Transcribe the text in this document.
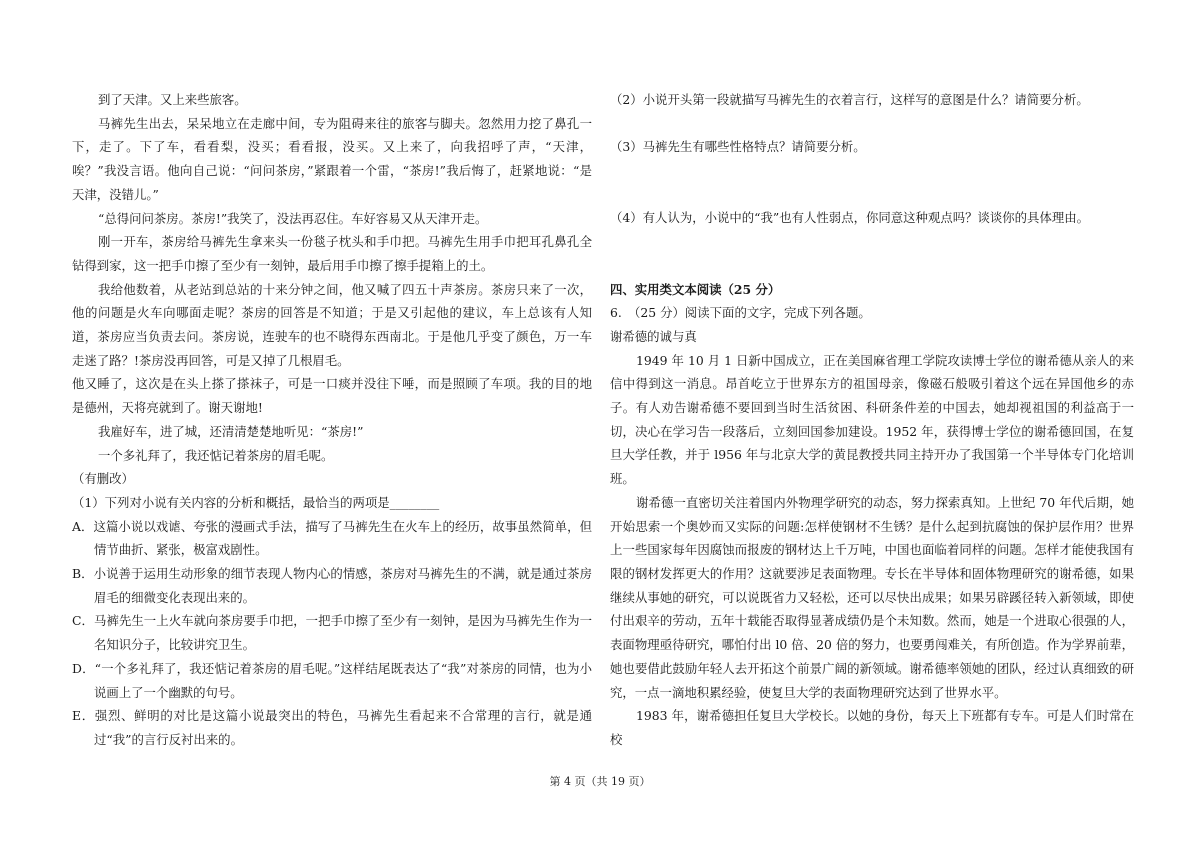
到了天津。又上来些旅客。

马裤先生出去，呆呆地立在走廊中间，专为阻碍来往的旅客与脚夫。忽然用力挖了鼻孔一下，走了。下了车，看看梨，没买；看看报，没买。又上来了，向我招呼了声，“天津，唉？”我没言语。他向自己说：“问问茶房，”紧跟着一个雷，“茶房!”我后悔了，赶紧地说：“是天津，没错儿。”

“总得问问茶房。茶房!”我笑了，没法再忍住。车好容易又从天津开走。

刚一开车，茶房给马裤先生拿来头一份毯子枕头和手巾把。马裤先生用手巾把耳孔鼻孔全钻得到家，这一把手巾擦了至少有一刻钟，最后用手巾擦了擦手提箱上的土。

我给他数着，从老站到总站的十来分钟之间，他又喊了四五十声茶房。茶房只来了一次，他的问题是火车向哪面走呢？茶房的回答是不知道；于是又引起他的建议，车上总该有人知道，茶房应当负责去问。茶房说，连驶车的也不晓得东西南北。于是他几乎变了颜色，万一车走迷了路？!茶房没再回答，可是又掉了几根眉毛。

他又睡了，这次是在头上搽了搽袜子，可是一口痰并没往下唾，而是照顾了车项。我的目的地是德州，天将亮就到了。谢天谢地!

我雇好车，进了城，还清清楚楚地听见：“茶房!”

一个多礼拜了，我还惦记着茶房的眉毛呢。

（有删改）

（1）下列对小说有关内容的分析和概括，最恰当的两项是________

A．这篇小说以戏谑、夸张的漫画式手法，描写了马裤先生在火车上的经历，故事虽然简单，但情节曲折、紧张，极富戏剧性。

B．小说善于运用生动形象的细节表现人物内心的情感，茶房对马裤先生的不满，就是通过茶房眉毛的细微变化表现出来的。

C．马裤先生一上火车就向茶房要手巾把，一把手巾擦了至少有一刻钟，是因为马裤先生作为一名知识分子，比较讲究卫生。

D．“一个多礼拜了，我还惦记着茶房的眉毛呢。”这样结尾既表达了“我”对茶房的同情，也为小说画上了一个幽默的句号。

E．强烈、鲜明的对比是这篇小说最突出的特色，马裤先生看起来不合常理的言行，就是通过“我”的言行反衬出来的。

（2）小说开头第一段就描写马裤先生的衣着言行，这样写的意图是什么？请简要分析。

（3）马裤先生有哪些性格特点？请简要分析。

（4）有人认为，小说中的“我”也有人性弱点，你同意这种观点吗？谈谈你的具体理由。

四、实用类文本阅读（25 分）

6.　（25 分）阅读下面的文字，完成下列各题。

谢希德的诚与真

1949 年 10 月 1 日新中国成立，正在美国麻省理工学院攻读博士学位的谢希德从亲人的来信中得到这一消息。昂首屹立于世界东方的祖国母亲，像磁石般吸引着这个远在异国他乡的赤子。有人劝告谢希德不要回到当时生活贫困、科研条件差的中国去，她却视祖国的利益高于一切，决心在学习告一段落后，立刻回国参加建设。1952 年，获得博士学位的谢希德回国，在复旦大学任教，并于 l956 年与北京大学的黄昆教授共同主持开办了我国第一个半导体专门化培训班。

谢希德一直密切关注着国内外物理学研究的动态，努力探索真知。上世纪 70 年代后期，她开始思索一个奥妙而又实际的问题:怎样使钢材不生锈？是什么起到抗腐蚀的保护层作用？世界上一些国家每年因腐蚀而报废的钢材达上千万吨，中国也面临着同样的问题。怎样才能使我国有限的钢材发挥更大的作用？这就要涉足表面物理。专长在半导体和固体物理研究的谢希德，如果继续从事她的研究，可以说既省力又轻松，还可以尽快出成果；如果另辟蹊径转入新领域，即使付出艰辛的劳动，五年十载能否取得显著成绩仍是个未知数。然而，她是一个进取心很强的人，表面物理亟待研究，哪怕付出 l0 倍、20 倍的努力，也要勇闯难关，有所创造。作为学界前辈，她也要借此鼓励年轻人去开拓这个前景广阔的新领域。谢希德率领她的团队，经过认真细致的研究，一点一滴地积累经验，使复旦大学的表面物理研究达到了世界水平。

1983 年，谢希德担任复旦大学校长。以她的身份，每天上下班都有专车。可是人们时常在校

第 4 页（共 19 页）
